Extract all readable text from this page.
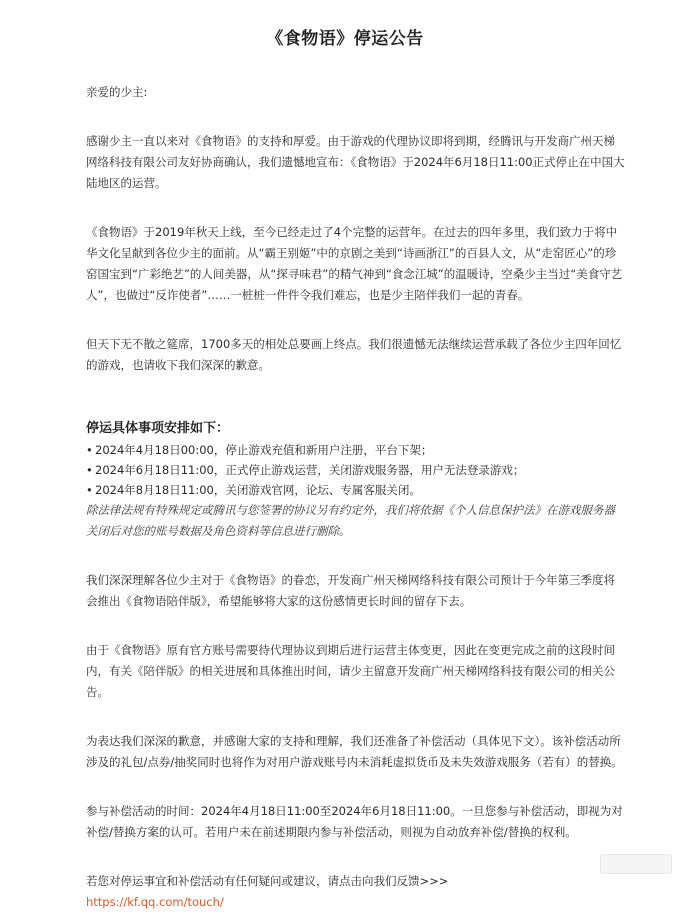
《食物语》停运公告

亲爱的少主:

感谢少主一直以来对《食物语》的支持和厚爱。由于游戏的代理协议即将到期，经腾讯与开发商广州天梯网络科技有限公司友好协商确认，我们遗憾地宣布：《食物语》于2024年6月18日11:00正式停止在中国大陆地区的运营。

《食物语》于2019年秋天上线，至今已经走过了4个完整的运营年。在过去的四年多里，我们致力于将中华文化呈献到各位少主的面前。从“霸王别姬”中的京剧之美到“诗画浙江”的百县人文，从“走窑匠心”的珍窑国宝到“广彩绝艺”的人间美器，从“探寻味君”的精气神到“食念江城”的温暖诗，空桑少主当过“美食守艺人”，也做过“反诈使者”……一桩桩一件件令我们难忘，也是少主陪伴我们一起的青春。

但天下无不散之筵席，1700多天的相处总要画上终点。我们很遗憾无法继续运营承载了各位少主四年回忆的游戏，也请收下我们深深的歉意。

停运具体事项安排如下：

• 2024年4月18日00:00，停止游戏充值和新用户注册，平台下架；

• 2024年6月18日11:00，正式停止游戏运营，关闭游戏服务器，用户无法登录游戏；

• 2024年8月18日11:00，关闭游戏官网，论坛、专属客服关闭。

除法律法规有特殊规定或腾讯与您签署的协议另有约定外，我们将依据《个人信息保护法》在游戏服务器关闭后对您的账号数据及角色资料等信息进行删除。

我们深深理解各位少主对于《食物语》的眷恋，开发商广州天梯网络科技有限公司预计于今年第三季度将会推出《食物语陪伴版》，希望能够将大家的这份感情更长时间的留存下去。

由于《食物语》原有官方账号需要待代理协议到期后进行运营主体变更，因此在变更完成之前的这段时间内，有关《陪伴版》的相关进展和具体推出时间，请少主留意开发商广州天梯网络科技有限公司的相关公告。

为表达我们深深的歉意，并感谢大家的支持和理解，我们还准备了补偿活动（具体见下文）。该补偿活动所涉及的礼包/点券/抽奖同时也将作为对用户游戏账号内未消耗虚拟货币及未失效游戏服务（若有）的替换。

参与补偿活动的时间：2024年4月18日11:00至2024年6月18日11:00。一旦您参与补偿活动，即视为对补偿/替换方案的认可。若用户未在前述期限内参与补偿活动，则视为自动放弃补偿/替换的权利。

若您对停运事宜和补偿活动有任何疑问或建议，请点击向我们反馈>>>

https://kf.qq.com/touch/
